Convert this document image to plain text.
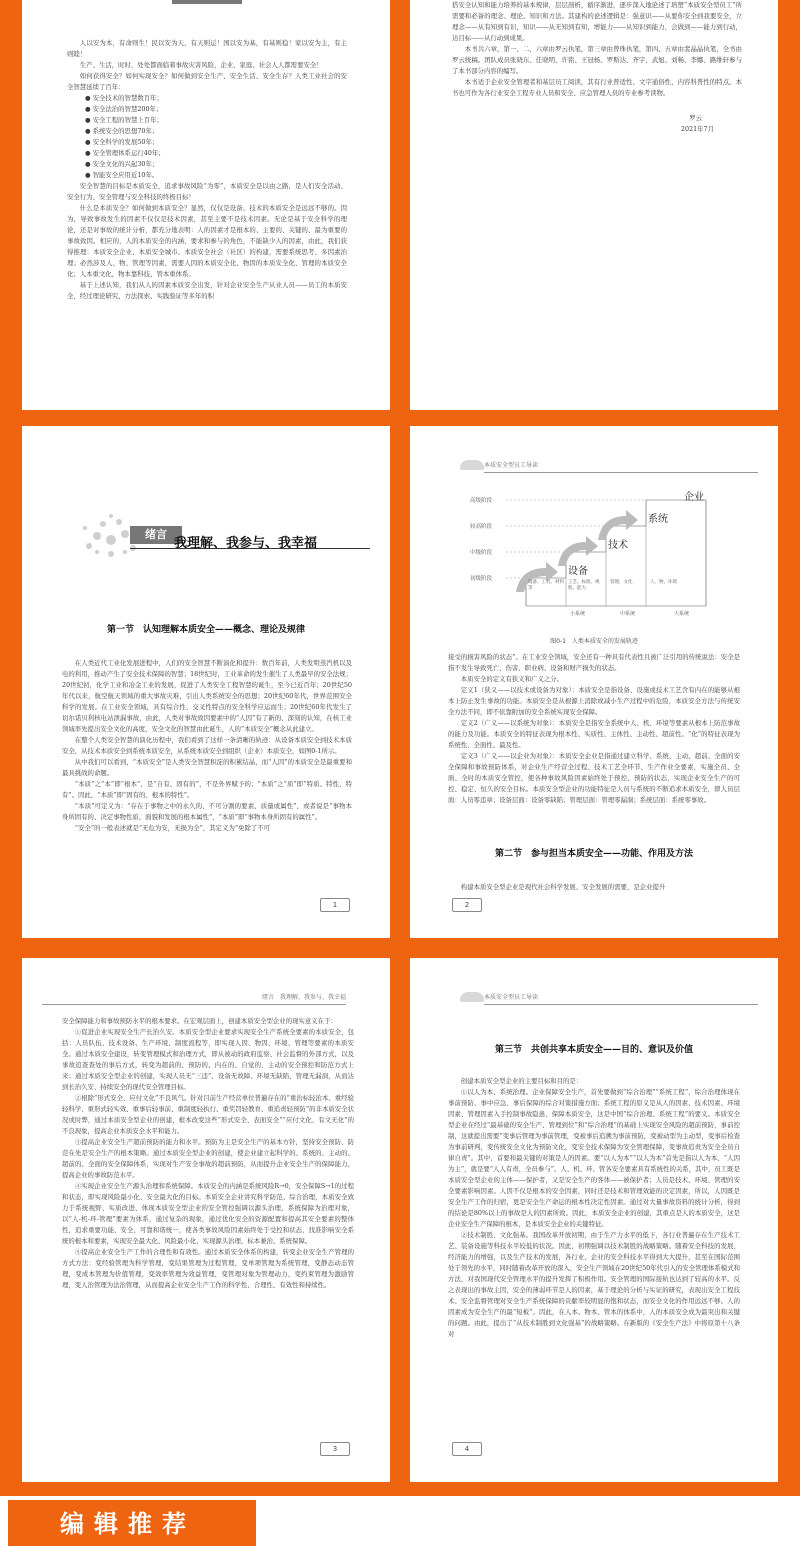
人以安为本，有命则生！民以安为天，有天则运！国以安为基，有基则稳！家以安为主，有主则睦！

生产、生活，时时、处处都面临着事故灾害风险，企业、家庭、社会人人都需要安全！

如何获得安全？如何实现安全？如何做到安全生产、安全生活、安全生存？人类工业社会的安全智慧延续了百年：

● 安全技术的智慧数百年；
● 安全法治的智慧200年；
● 安全工程的智慧上百年；
● 系统安全的思想70年；
● 安全科学的发展50年；
● 安全管理体系运行40年；
● 安全文化的兴起30年；
● 智能安全应用近10年。

安全智慧的目标是本质安全，追求事故风险“为零”，本质安全是以由之路，是人们安全活动、安全行为、安全管理与安全科技的终极目标！

什么是本质安全？如何做到本质安全？显然，仅仅是设备、技术的本质安全是远远不够的。因为，导致事故发生的因素不仅仅是技术因素，甚至主要不是技术因素。无论是基于安全科学的理论，还是对事故的统计分析，都充分地表明：人的因素才是根本的、主要的、关键的、最为重要的事故致因。相应的，人的本质安全的内涵、要求和参与的角色，不能缺少人的因素，由此，我们获得推理：本质安全企业、本质安全城市、本质安全社会（社区）的构建，需要系统思考、多因素治理；必然涉及人、物、管理等因素，需要人因的本质安全化、物因的本质安全化、管理的本质安全化；人本重文化，物本靠科技，管本重体系。

基于上述认知，我们从人的因素本质安全出发，针对企业安全生产从业人员——员工的本质安全，经过理论研究、方法探索、实践验证等多年的积

搭安全认知和能力培养的基本规律，层层剖析，循序渐进，逐步深入地论述了培塑“本质安全型员工”所需要和必备的理念、理论、知识和方法。其建构的论述逻辑是：强意识——从要你安全到我要安全，立理念——从有知到有识，知识——从无知到有知，增能力——从知识到能力，会做到——能力到行动，达目标——从行动到成果。

本书共六章，第一、二、六章由罗云执笔，第三章由曾珠执笔，第四、五章由裴晶晶执笔，全书由罗云统稿。团队成员张晓东、任晓明、许铭、王冠杨、罗斯达、齐宇、武旭、刘畅、李娜、路维轩参与了本书部分内容的编写。

本书适于企业安全管理者和基层员工阅读，其有行业普适性、文字通俗性、内容科普性的特点。本书也可作为各行业安全工程专业人员和安全、应急管理人员的专业参考读物。

罗云
2021年7月
绪言
我理解、我参与、我幸福
第一节　认知理解本质安全——概念、理论及规律

在人类近代工业化发展进程中，人们的安全智慧不断演化和提升：数百年前，人类发明蒸汽机以及电的利用，推动产生了安全技术保障的智慧；18世纪时，工业革命的发生催生了人类最早的安全法规；20世纪初，化学工业和冶金工业的发展，促进了人类安全工程智慧的诞生，至今已近百年；20世纪50年代以来，航空航天领域的重大事故灾难，引出人类系统安全的思想；20世纪60年代，世界范围安全科学的发展。在工业安全领域，具有综合性、交叉性特点的安全科学应运而生；20世纪60年代发生了切尔诺贝利核电站泄漏事故，由此，人类对事故致因要素中的“人因”有了新的、深刻的认知，在核工业领域率先提出安全文化的高度，安全文化的智慧由此诞生，人的“本质安全”概念从此建立。

在整个人类安全智慧的演化历程中，我们看到了这样一条清晰的轨迹：从设备本质安全到技术本质安全，从技术本质安全到系统本质安全，从系统本质安全到组织（企业）本质安全，如图0-1所示。

从中我们可以看到，“本质安全”是人类安全智慧积淀的积累结晶，而“人因”的本质安全是最重要和最具挑战的命题。

“本质”之“本”即“根本”，是“自有、固有的”，不是外界赋予的；“本质”之“质”即“特质、特性、特有”。因此，“本质”即“固有的、根本的特性”。

“本质”可定义为：“存在于事物之中的永久的、不可分割的要素、质量或属性”，或者说是“事物本身所固有的、决定事物性质、面貌和发展的根本属性”，“本质”即“事物本身所固有的属性”。

“安全”的一般表述就是“无危为安，无损为全”，其定义为“免除了不可

1
本质安全型员工导读
高级阶段
较高阶段
中级阶段
初级阶段
设备
技术
系统
企业
设备、工具、材料等
工艺、标准、规程、能力
管理、文化	人、物、环境
小系统	中系统	大系统
图0-1　人类本质安全的发展轨迹

接受的损害风险的状态”。在工业安全领域，安全还有一种具有代表性且被广泛引用的传统说法：安全是指不发生导致死亡、伤害、职业病、设备和财产损失的状态。

本质安全的定义有狭义和广义之分。

定义1（狭义——以技术或设备为对象）：本质安全是指设备、设施或技术工艺含有内在的能够从根本上防止发生事故的功能。本质安全是从根源上消除或减小生产过程中的危险，本质安全方法与传统安全方法不同，即不依靠附加的安全系统实现安全保障。

定义2（广义——以系统为对象）：本质安全是指安全系统中人、机、环境等要素从根本上防范事故的能力及功能。本质安全的特征表现为根本性、实质性、主体性、主动性、超前性。“化”的特征表现为系统性、全面性、最及性。

定义3（广义——以企业为对象）：本质安全企业是指通过建立科学、系统、主动、超前、全面的安全保障和事故预防体系，对企业生产经营全过程、技术工艺全环节、生产作业全要素，实施全员、全面、全时的本质安全管控，使各种事故风险因素始终处于预控、预防的状态，实现企业安全生产的可控、稳定、恒久的安全目标。本质安全型企业的功能特征是人员与系统的不断追求本质安全，即人员层面：人员零违章；设备层面：设备零缺陷；管理层面：管理零漏洞；系统层面：系统零事故。

第二节　参与担当本质安全——功能、作用及方法

构建本质安全型企业是现代社会科学发展、安全发展的需要，是企业提升

2
绪言　我理解、我参与、我幸福

安全保障能力和事故预防水平的根本要求。在宏观层面上，创建本质安全型企业的现实意义在于：

①促进企业实现安全生产长治久安。本质安全型企业要求实现安全生产系统全要素的本质安全，包括：人员队伍、技术设备、生产环境、制度流程等，即实现人因、物因、环境、管理等要素的本质安全。通过本质安全建设，转变管理模式和治理方式，即从被动的政府监察、社会监督的外部方式，以及事故追查查处的事后方式，转变为超前的、预防的、内在的、自觉的、主动的安全预控和防范方式上来；通过本质安全型企业的创建，实现人员无“三违”、设备无故障、环境无缺陷、管理无漏洞，从而达到长治久安、持续安全的现代安全管理目标。

②根除“形式安全、应付文化”不良风气。针对目前生产经营单位普遍存在的“重治标轻治本、重经验轻科学、重形式轻实效、重事后轻事前、重制度轻执行、重奖罚轻教育、重追责轻预防”的非本质安全状况或时弊，通过本质安全型企业的创建，根本改变这些“形式安全、表面安全”“应付文化、有文无化”的不良现象，提高企业本质安全水平和能力。

③提高企业安全生产超前预防的能力和水平。预防为主是安全生产的基本方针，坚持安全预防、防范在先是安全生产的根本策略。通过本质安全型企业的创建，使企业建立起科学的、系统的、主动的、超前的、全面的安全保障体系，实现对生产安全事故的超前预防，从而提升企业安全生产的保障能力，提高企业的事故防范水平。

④实现企业安全生产源头治理和系统保障。本质安全的内涵是系统风险R→0，安全保障S→1的过程和状态，即实现风险最小化、安全最大化的目标。本质安全企业讲究科学防范、综合治理，本质安全致力于系统视野、实质改进、体现本质安全型企业的安全管控强调以源头治理、系统保障为治理对象，以“人-机-环-管理”要素为体系，通过复杂的现象，通过优化安全的资源配置和提高其安全要素的整体性，追求重要功能、安全、可靠和谐统一，使各类事故风险因素始终处于受控和状态，找准影响安全系统的根本和要素，实现安全最大化、风险最小化，实现源头治理、标本兼治、系统保障。

⑤提高企业安全生产工作的合理性和有效性。通过本质安全体系的构建，转变企业安全生产管理的方式方法：变经验管理为科学管理，变结果管理为过程管理，变单项管理为系统管理，变静态动态管理，变成本管理为价值管理，变效率管理为效益管理，变管理对象为管理动力，变约束管理为激励管理，变人治管理为法治管理，从而提高企业安全生产工作的科学性、合理性、有效性和持续性。

3
本质安全型员工导读
第三节　共创共享本质安全——目的、意识及价值

创建本质安全型企业的主要目标和目的是：

①以人为本、系统治理。企业保障安全生产，首先要做到“综合治理”“系统工程”，综合治理体现在事前预防、事中应急、事后保障的综合对策措施方面；系统工程的原义是从人的因素、技术因素、环境因素、管理因素入手控制事故隐患，保障本质安全，这是中国“综合治理、系统工程”的要义。本质安全型企业在经过“最基础的安全生产、管理到位”和“综合治理”的基础上实现安全风险的超前预防，事前控制，这就提出需要“变事后管理为事前管理，变被事后追溯为事前预防，变被动型为主动型，变事后检查为事前研判，变传统安全文化为预防文化，变安全技术保障为安全管理保障，变事故追责为安全全员自律自责”。其中，首要和最关键的对策是人的因素。要“以人为本”“以人为本”首先是指以人为本、“人因为主”，就是要“人人有责，全员参与”。人、机、环、管各安全要素具有系统性的关系，其中，员工既是本质安全型企业的主体——保护者，又是安全生产的客体——被保护者；人员是技术、环境、管理的安全要素影响因素。人因不仅是根本的安全因素，同时还是技术和管理效能的决定因素，所以，人因既是安全生产工作的归宿，更是安全生产命运的根本性决定性因素。通过对大量事故资料的统计分析，得到的结论是80%以上的事故是人的因素所致。因此，本质安全企业的创建，其重点是人的本质安全，这是企业安全生产保障的根本，是本质安全企业的关键特征。

②技术制胜，文化强基。我国改革开放初期，由于生产力水平的低下，各行业普遍存在生产技术工艺、装备设施等科技水平较低的状况。因此，初期强调以技术制胜的战略策略。随着安全科技的发展，经济能力的增强，以及生产技术的发展，各行业、企业的安全科技水平得到大大提升，甚至在国际范围处于领先的水平，同时随着改革开放的深入，安全生产领域在20世纪50年代引入的安全管理体系模式和方法，对我国现代安全管理水平的提升发挥了积极作用。安全管理的国际接轨也达到了较高的水平。反之表现出的事故主因，安全的薄弱环节是人的因素，基于理论的分析与实证的研究，表现出安全工程技术、安全监督管理对安全生产系统保障的贡献率较明显的饱和状态，而安全文化的作用远远不够。人的因素成为安全生产的最“短板”。因此，在人本、物本、管本的体系中，人的本质安全成为最突出和关键的问题。由此，提出了“从技术制胜到文化强基”的战略策略。在新版的《安全生产法》中将原第十八条对

4
编辑推荐
